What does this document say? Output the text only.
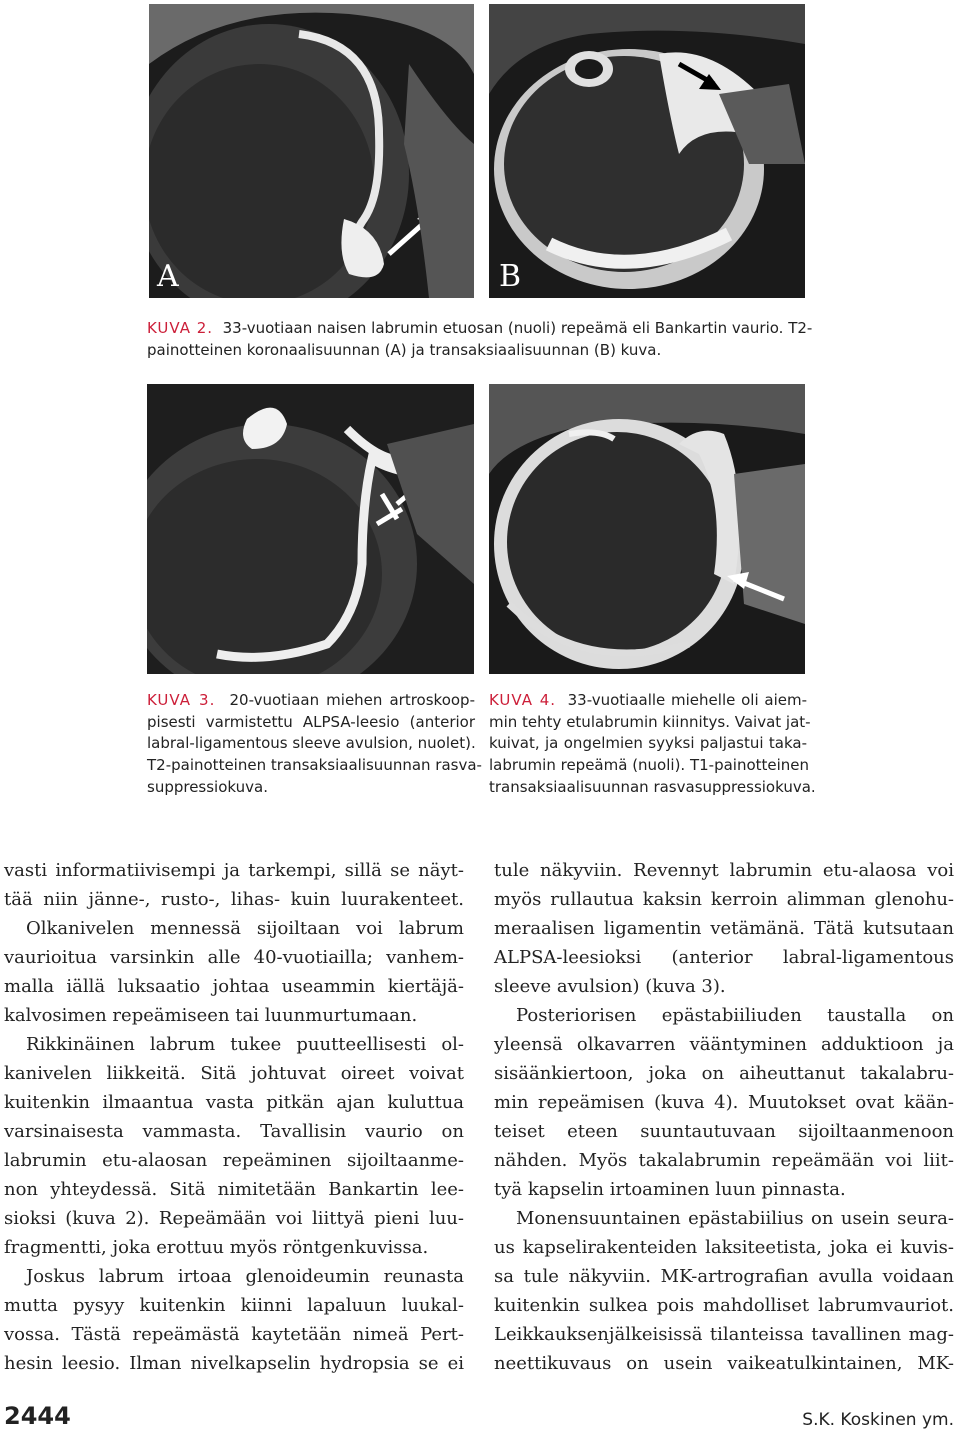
A	B
KUVA 2. 33-vuotiaan naisen labrumin etuosan (nuoli) repeämä eli Bankartin vaurio. T2-
painotteinen koronaalisuunnan (A) ja transaksiaalisuunnan (B) kuva.
KUVA 3. 20-vuotiaan miehen artroskoop-
pisesti varmistettu ALPSA-leesio (anterior
labral-ligamentous sleeve avulsion, nuolet).
T2-painotteinen transaksiaalisuunnan rasva-
suppressiokuva.
KUVA 4. 33-vuotiaalle miehelle oli aiem-
min tehty etulabrumin kiinnitys. Vaivat jat-
kuivat, ja ongelmien syyksi paljastui taka-
labrumin repeämä (nuoli). T1-painotteinen
transaksiaalisuunnan rasvasuppressiokuva.
vasti informatiivisempi ja tarkempi, sillä se näyt-
tää niin jänne-, rusto-, lihas- kuin luurakenteet.
Olkanivelen mennessä sijoiltaan voi labrum
vaurioitua varsinkin alle 40-vuotiailla; vanhem-
malla iällä luksaatio johtaa useammin kiertäjä-
kalvosimen repeämiseen tai luunmurtumaan.
Rikkinäinen labrum tukee puutteellisesti ol-
kanivelen liikkeitä. Sitä johtuvat oireet voivat
kuitenkin ilmaantua vasta pitkän ajan kuluttua
varsinaisesta vammasta. Tavallisin vaurio on
labrumin etu-alaosan repeäminen sijoiltaanme-
non yhteydessä. Sitä nimitetään Bankartin lee-
sioksi (kuva 2). Repeämään voi liittyä pieni luu-
fragmentti, joka erottuu myös röntgenkuvissa.
Joskus labrum irtoaa glenoideumin reunasta
mutta pysyy kuitenkin kiinni lapaluun luukal-
vossa. Tästä repeämästä kaytetään nimeä Pert-
hesin leesio. Ilman nivelkapselin hydropsia se ei
tule näkyviin. Revennyt labrumin etu-alaosa voi
myös rullautua kaksin kerroin alimman glenohu-
meraalisen ligamentin vetämänä. Tätä kutsutaan
ALPSA-leesioksi (anterior labral-ligamentous
sleeve avulsion) (kuva 3).
Posteriorisen epästabiiliuden taustalla on
yleensä olkavarren vääntyminen adduktioon ja
sisäänkiertoon, joka on aiheuttanut takalabru-
min repeämisen (kuva 4). Muutokset ovat kään-
teiset eteen suuntautuvaan sijoiltaanmenoon
nähden. Myös takalabrumin repeämään voi liit-
tyä kapselin irtoaminen luun pinnasta.
Monensuuntainen epästabiilius on usein seura-
us kapselirakenteiden laksiteetista, joka ei kuvis-
sa tule näkyviin. MK-artrografian avulla voidaan
kuitenkin sulkea pois mahdolliset labrumvauriot.
Leikkauksenjälkeisissä tilanteissa tavallinen mag-
neettikuvaus on usein vaikeatulkintainen, MK-
2444	S.K. Koskinen ym.
